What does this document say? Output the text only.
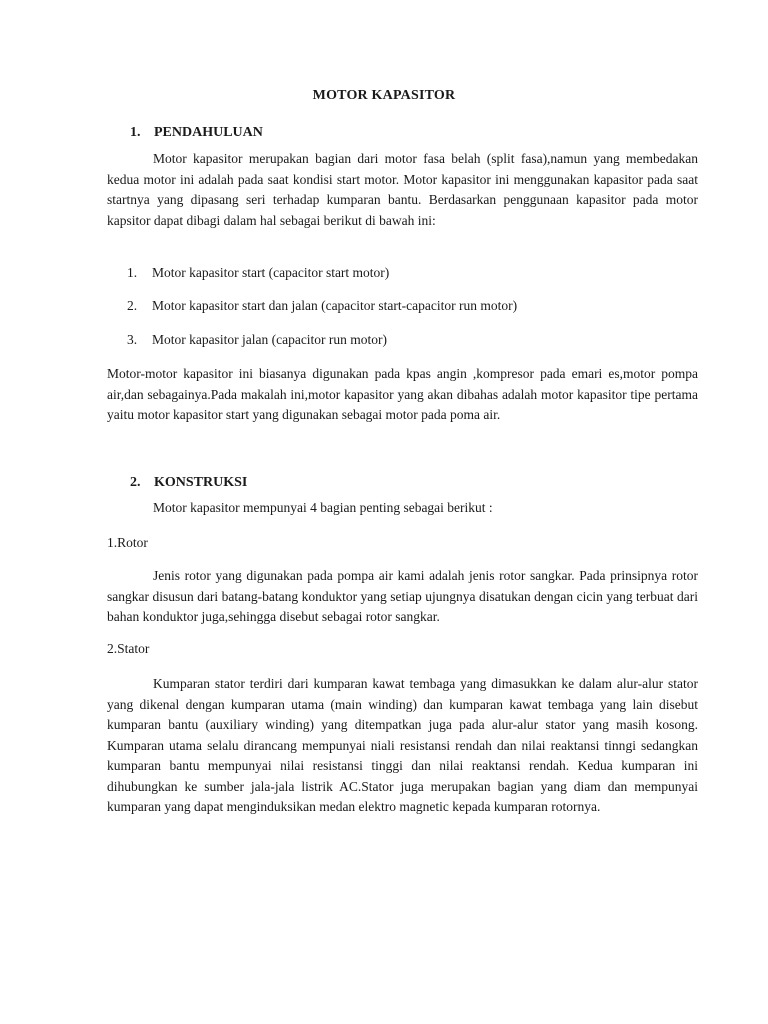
MOTOR KAPASITOR
1. PENDAHULUAN

Motor kapasitor merupakan bagian dari motor fasa belah (split fasa),namun yang membedakan kedua motor ini adalah pada saat kondisi start motor. Motor kapasitor ini menggunakan kapasitor pada saat startnya yang dipasang seri terhadap kumparan bantu. Berdasarkan penggunaan kapasitor pada motor kapsitor dapat dibagi dalam hal sebagai berikut di bawah ini:

1. Motor kapasitor start (capacitor start motor)
2. Motor kapasitor start dan jalan (capacitor start-capacitor run motor)
3. Motor kapasitor jalan (capacitor run motor)

Motor-motor kapasitor ini biasanya digunakan pada kpas angin ,kompresor pada emari es,motor pompa air,dan sebagainya.Pada makalah ini,motor kapasitor yang akan dibahas adalah motor kapasitor tipe pertama yaitu motor kapasitor start yang digunakan sebagai motor pada poma air.

2. KONSTRUKSI
Motor kapasitor mempunyai 4 bagian penting sebagai berikut :
1.Rotor

Jenis rotor yang digunakan pada pompa air kami adalah jenis rotor sangkar. Pada prinsipnya rotor sangkar disusun dari batang-batang konduktor yang setiap ujungnya disatukan dengan cicin yang terbuat dari bahan konduktor juga,sehingga disebut sebagai rotor sangkar.

2.Stator

Kumparan stator terdiri dari kumparan kawat tembaga yang dimasukkan ke dalam alur-alur stator yang dikenal dengan kumparan utama (main winding) dan kumparan kawat tembaga yang lain disebut kumparan bantu (auxiliary winding) yang ditempatkan juga pada alur-alur stator yang masih kosong. Kumparan utama selalu dirancang mempunyai niali resistansi rendah dan nilai reaktansi tinngi sedangkan kumparan bantu mempunyai nilai resistansi tinggi dan nilai reaktansi rendah. Kedua kumparan ini dihubungkan ke sumber jala-jala listrik AC.Stator juga merupakan bagian yang diam dan mempunyai kumparan yang dapat menginduksikan medan elektro magnetic kepada kumparan rotornya.
